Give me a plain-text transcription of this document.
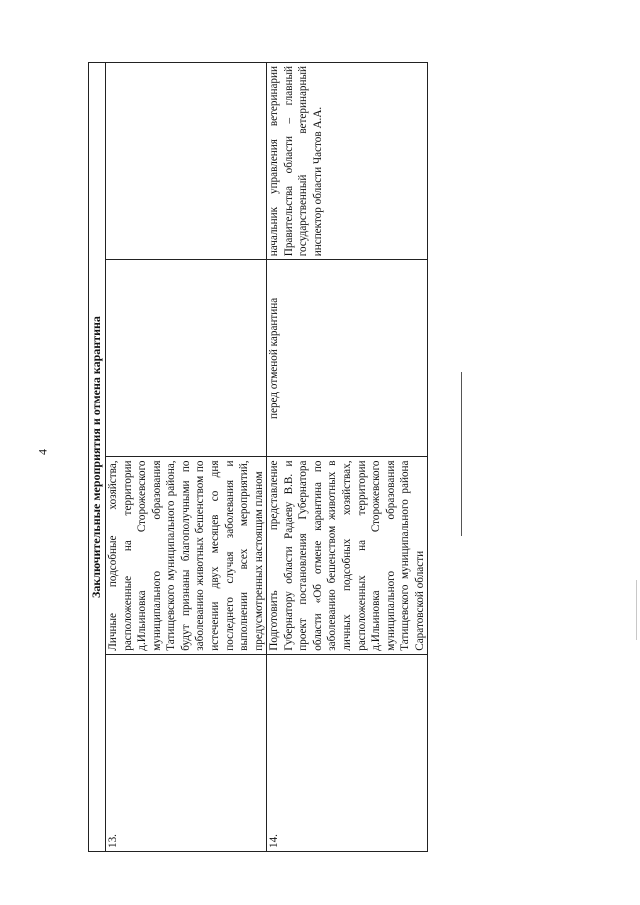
4	Заключительные мероприятия и отмена карантина			
13.	Личные подсобные хозяйства, расположенные на территории д.Ильиновка Сторожевского муниципального образования Татищевского муниципального района, будут признаны благополучными по заболеванию животных бешенством по истечении двух месяцев со дня последнего случая заболевания и выполнении всех мероприятий, предусмотренных настоящим планом		
14.	Подготовить представление Губернатору области Радаеву В.В. и проект постановления Губернатора области «Об отмене карантина по заболеванию бешенством животных в личных подсобных хозяйствах, расположенных на территории д.Ильиновка Сторожевского муниципального образования Татищевского муниципального района Саратовской области	перед отменой карантина	начальник управления ветеринарии Правительства области – главный государственный ветеринарный инспектор области Частов А.А.
